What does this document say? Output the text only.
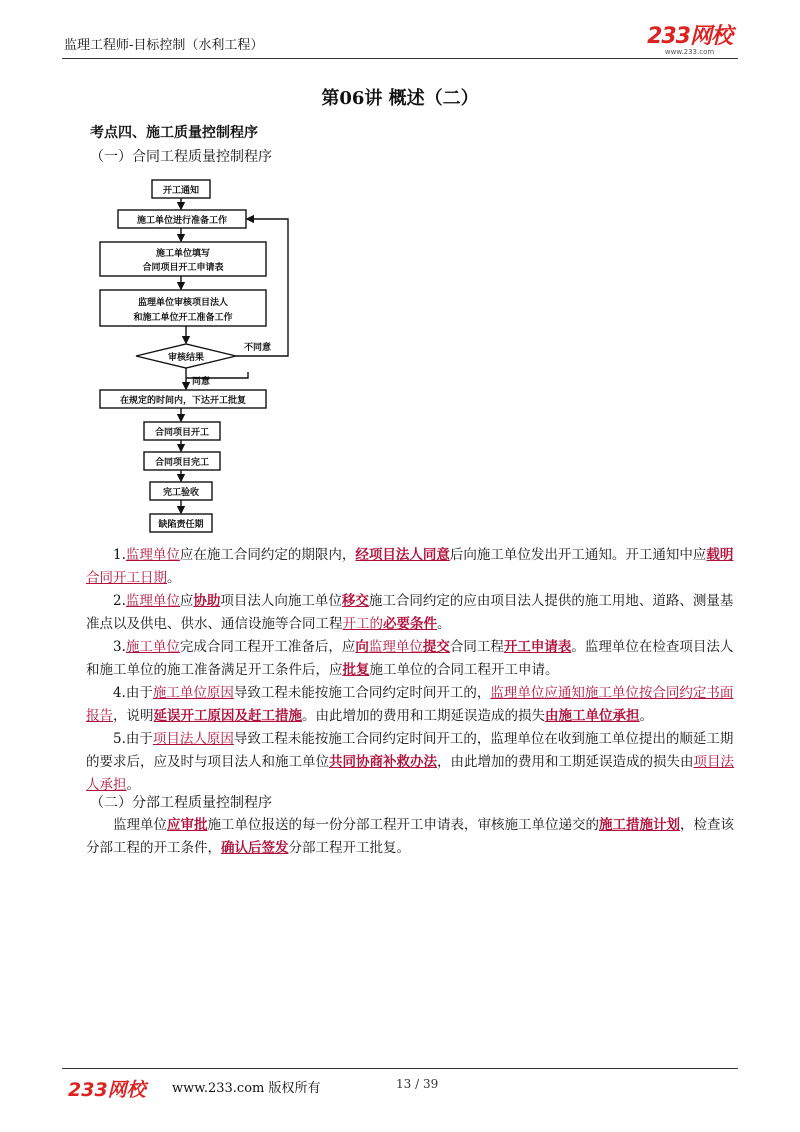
监理工程师-目标控制（水利工程）	233网校
www.233.com
第06讲 概述（二）
考点四、施工质量控制程序
（一）合同工程质量控制程序
开工通知
施工单位进行准备工作
施工单位填写
合同项目开工申请表
监理单位审核项目法人
和施工单位开工准备工作
审核结果
不同意
同意
在规定的时间内，下达开工批复
合同项目开工
合同项目完工
完工验收
缺陷责任期
1.监理单位应在施工合同约定的期限内，经项目法人同意后向施工单位发出开工通知。开工通知中应载明合同开工日期。
2.监理单位应协助项目法人向施工单位移交施工合同约定的应由项目法人提供的施工用地、道路、测量基准点以及供电、供水、通信设施等合同工程开工的必要条件。
3.施工单位完成合同工程开工准备后，应向监理单位提交合同工程开工申请表。监理单位在检查项目法人和施工单位的施工准备满足开工条件后，应批复施工单位的合同工程开工申请。
4.由于施工单位原因导致工程未能按施工合同约定时间开工的，监理单位应通知施工单位按合同约定书面报告，说明延误开工原因及赶工措施。由此增加的费用和工期延误造成的损失由施工单位承担。
5.由于项目法人原因导致工程未能按施工合同约定时间开工的，监理单位在收到施工单位提出的顺延工期的要求后，应及时与项目法人和施工单位共同协商补救办法，由此增加的费用和工期延误造成的损失由项目法人承担。
（二）分部工程质量控制程序
监理单位应审批施工单位报送的每一份分部工程开工申请表，审核施工单位递交的施工措施计划，检查该分部工程的开工条件，确认后签发分部工程开工批复。
233网校 www.233.com 版权所有	13 / 39
